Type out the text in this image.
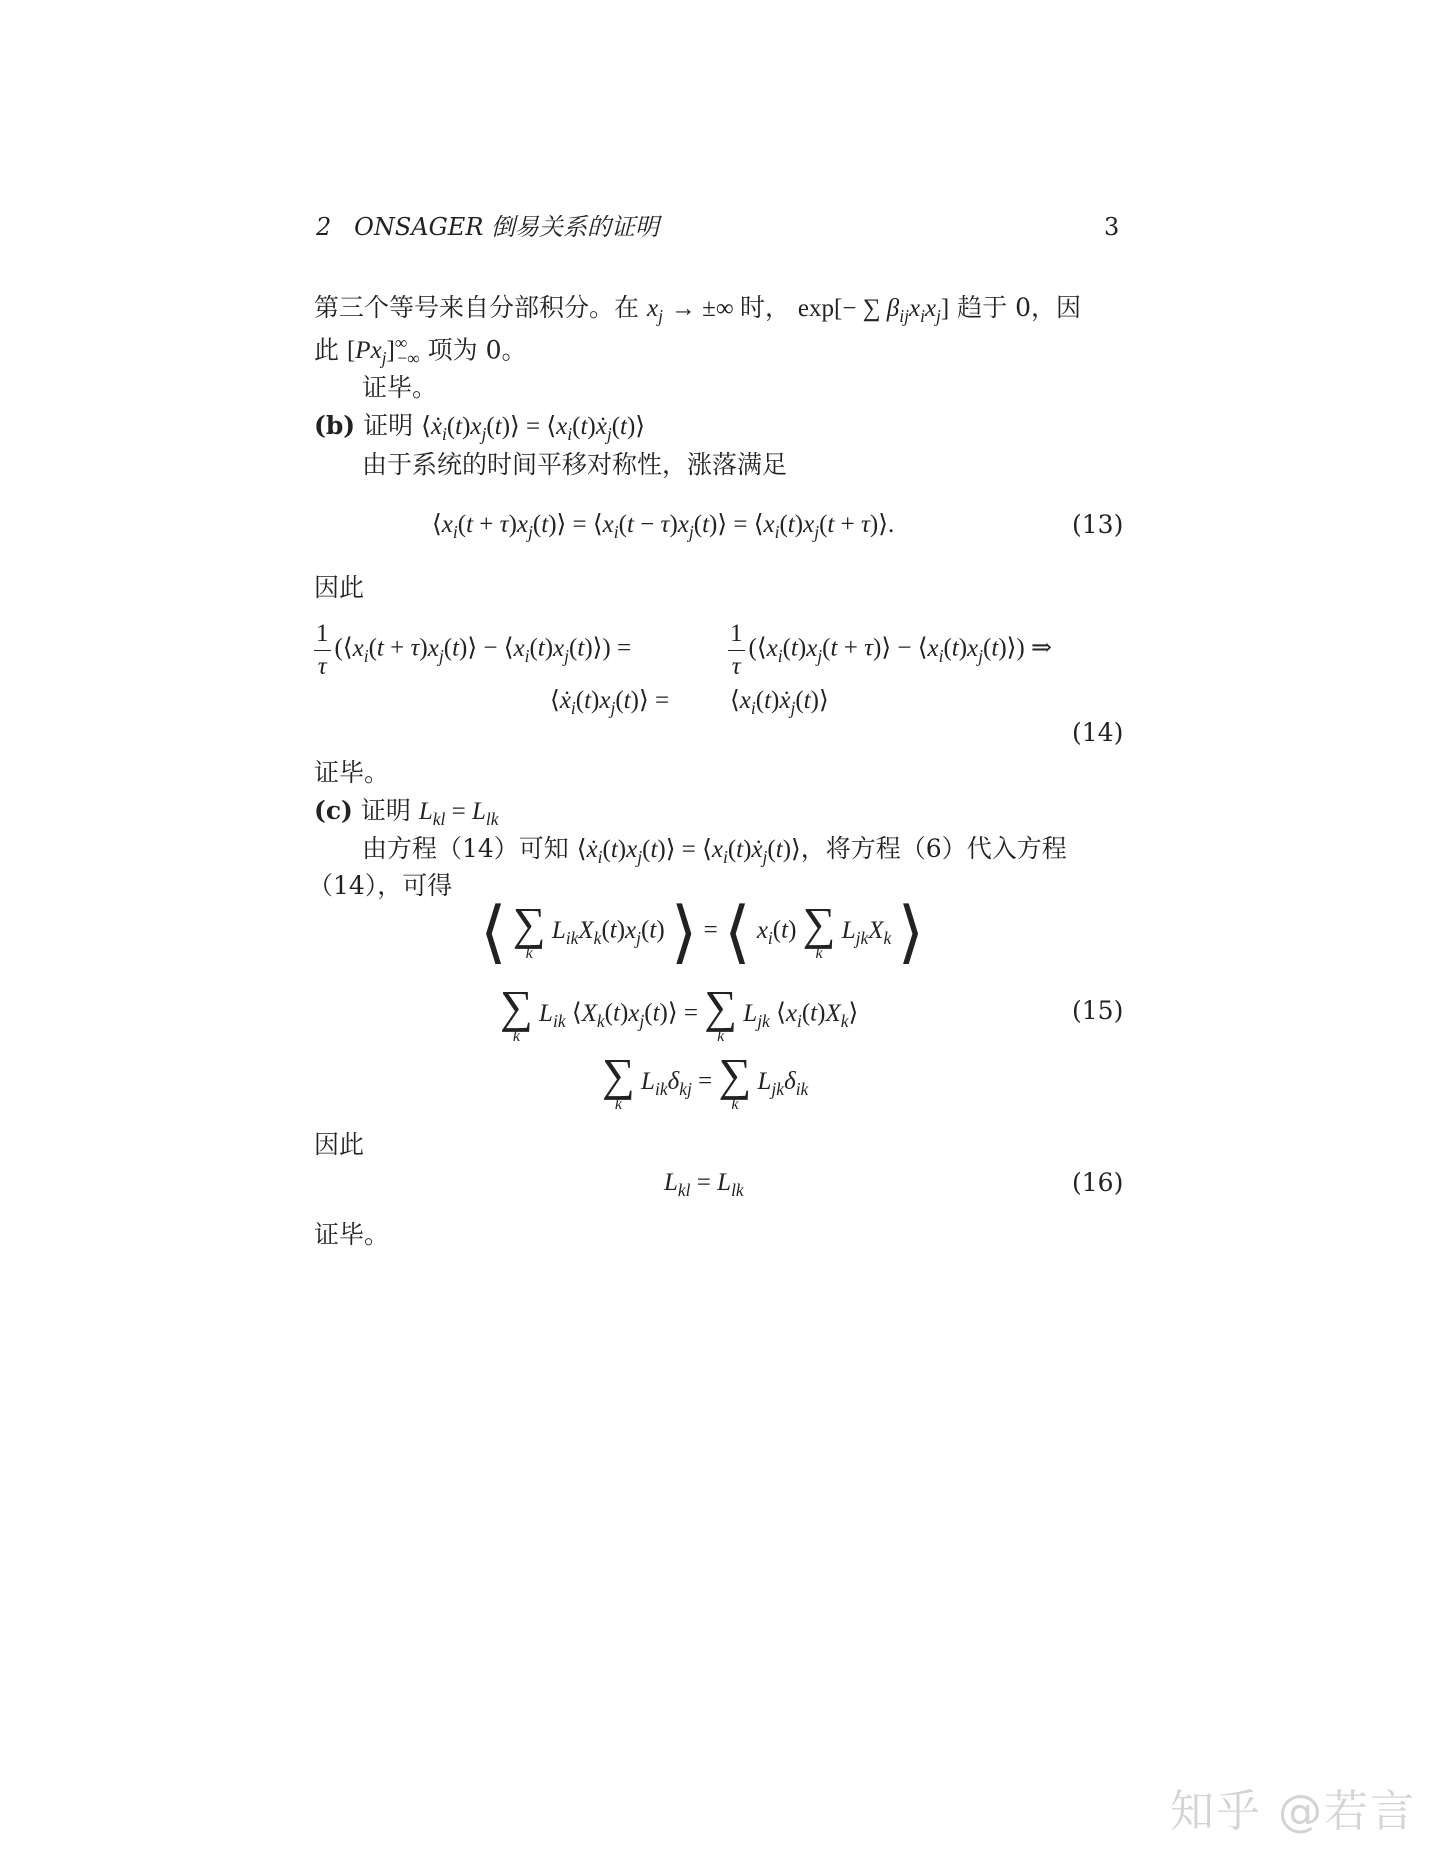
2 ONSAGER 倒易关系的证明	3
第三个等号来自分部积分。在 $x_j$ → ±∞ 时， exp[− ∑ $\beta_{ij}x_ix_j$] 趋于 0，因
此 $[Px_j]^\infty_{-\infty}$ 项为 0。
证毕。
(b) 证明 $⟨ẋ_i(t)x_j(t)⟩$ = $⟨x_i(t)ẋ_j(t)⟩$
由于系统的时间平移对称性，涨落满足
$⟨x_i(t$ + $\tau)x_j(t)⟩$ = $⟨x_i(t$ − $\tau)x_j(t)⟩$ = $⟨x_i(t)x_j(t$ + τ)⟩.	(13)
因此
$\frac{1}{\tau}$ ($⟨x_i(t$ + $\tau)x_j(t)⟩$ − $⟨x_i(t)x_j(t)⟩$) =	$\frac{1}{\tau}$ ($⟨x_i(t)x_j(t$ + τ)⟩ − $⟨x_i(t)x_j(t)⟩$) ⇒
$⟨ẋ_i(t)x_j(t)⟩$ = $⟨x_i(t)ẋ_j(t)⟩$
(14)
证毕。
(c) 证明 $L_{kl} = L_{lk}$
由方程（14）可知 $⟨ẋ_i(t)x_j(t)⟩$ = $⟨x_i(t)ẋ_j(t)⟩$，将方程（6）代入方程
（14），可得
⟨ ∑
k
$L_{ik}X_k(t)x_j(t)$ ⟩ = ⟨ $x_i(t)$ ∑
k
$L_{jk}X_k$ ⟩
∑
k
$L_{ik}$ $⟨X_k(t)x_j(t)⟩$ = ∑
k
$L_{jk}$ $⟨x_i(t)X_k⟩$	(15)
∑
k
$L_{ik}\delta_{kj}$ = ∑
k
$L_{jk}\delta_{ik}$
因此
$L_{kl} = L_{lk}$	(16)
证毕。
知乎 @若言
